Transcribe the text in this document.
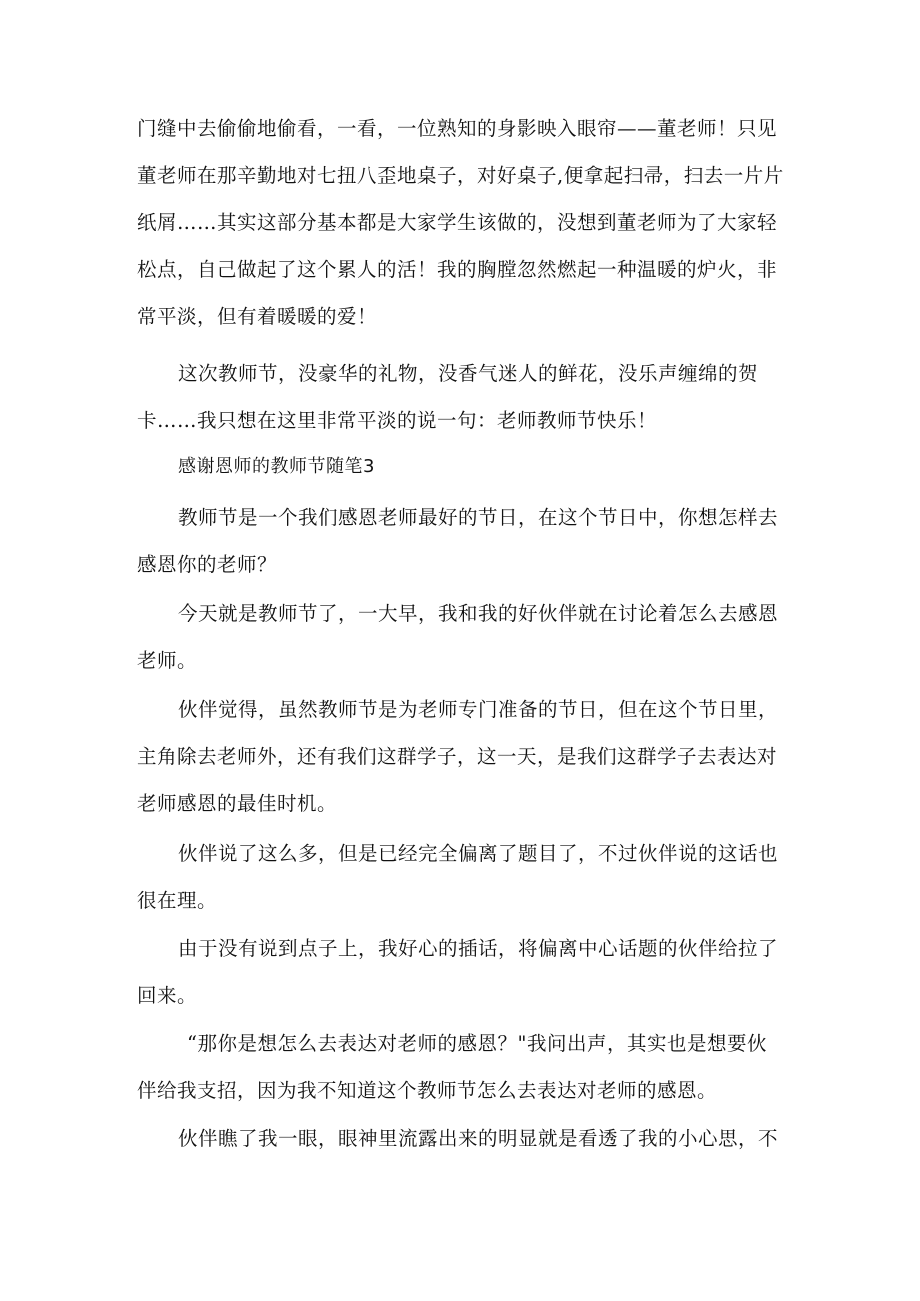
门缝中去偷偷地偷看，一看，一位熟知的身影映入眼帘——董老师！只见
董老师在那辛勤地对七扭八歪地桌子，对好桌子,便拿起扫帚，扫去一片片
纸屑……其实这部分基本都是大家学生该做的，没想到董老师为了大家轻
松点，自己做起了这个累人的活！我的胸膛忽然燃起一种温暖的炉火，非
常平淡，但有着暖暖的爱！
这次教师节，没豪华的礼物，没香气迷人的鲜花，没乐声缠绵的贺
卡……我只想在这里非常平淡的说一句：老师教师节快乐！
感谢恩师的教师节随笔3
教师节是一个我们感恩老师最好的节日，在这个节日中，你想怎样去
感恩你的老师？
今天就是教师节了，一大早，我和我的好伙伴就在讨论着怎么去感恩
老师。
伙伴觉得，虽然教师节是为老师专门准备的节日，但在这个节日里，
主角除去老师外，还有我们这群学子，这一天，是我们这群学子去表达对
老师感恩的最佳时机。
伙伴说了这么多，但是已经完全偏离了题目了，不过伙伴说的这话也
很在理。
由于没有说到点子上，我好心的插话，将偏离中心话题的伙伴给拉了
回来。
“那你是想怎么去表达对老师的感恩？"我问出声，其实也是想要伙
伴给我支招，因为我不知道这个教师节怎么去表达对老师的感恩。
伙伴瞧了我一眼，眼神里流露出来的明显就是看透了我的小心思，不
